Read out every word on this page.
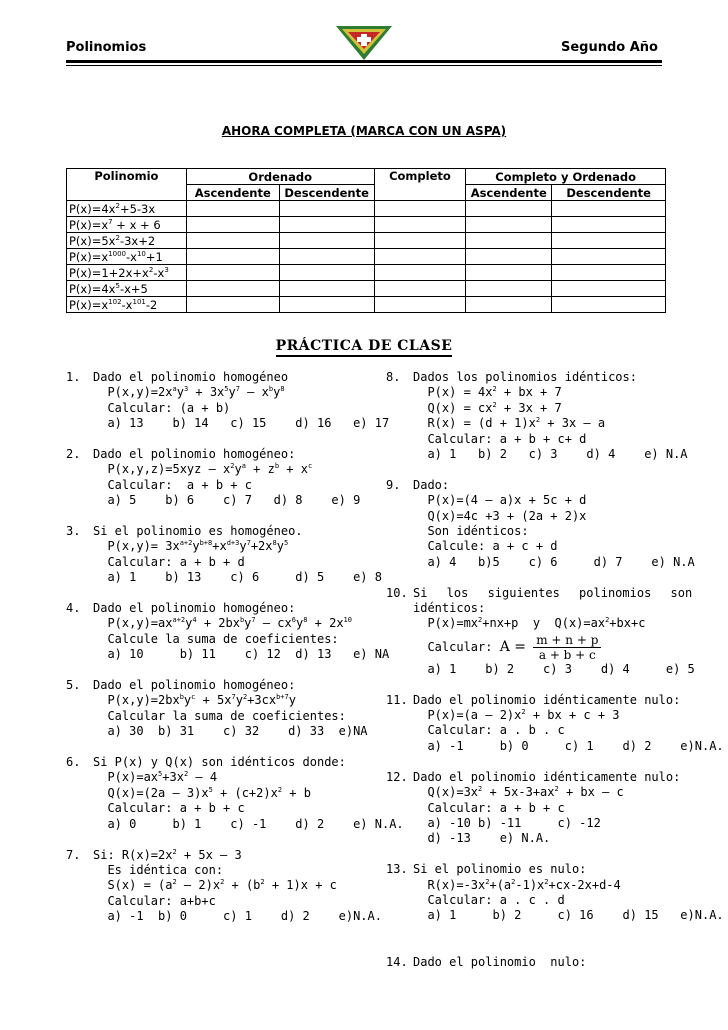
Polinomios	Segundo Año
AHORA COMPLETA (MARCA CON UN ASPA)
Polinomio	Ordenado		Completo	Completo y Ordenado	
	Ascendente	Descendente		Ascendente	Descendente
$P(x)=4x^2+5-3x$					
$P(x)=x^7 + x + 6$					
$P(x)=5x^2-3x+2$					
$P(x)=x^{1000}-x^{10}+1$					
$P(x)=1+2x+x^2-x^3$					
$P(x)=4x^5-x+5$					
$P(x)=x^{102}-x^{101}-2$					
PRÁCTICA DE CLASE
1. Dado el polinomio homogéneo
$P(x,y)=2x^ay^3 + 3x^5y^7 - x^by^8$
Calcular: (a + b)
a) 13    b) 14   c) 15    d) 16   e) 17
2. Dado el polinomio homogéneo:
$P(x,y,z)=5xyz - x^2y^a + z^b + x^c$
Calcular:  a + b + c
a) 5    b) 6    c) 7   d) 8    e) 9
3. Si el polinomio es homogéneo.
$P(x,y)= 3x^{a+2}y^{b+8}+x^{d+3}y^7+2x^8y^5$
Calcular: a + b + d
a) 1    b) 13    c) 6     d) 5    e) 8
4. Dado el polinomio homogéneo:
$P(x,y)=ax^{a+2}y^4 + 2bx^by^7 - cx^6y^8 + 2x^{10}$
Calcule la suma de coeficientes:
a) 10     b) 11    c) 12  d) 13   e) NA
5. Dado el polinomio homogéneo:
$P(x,y)=2bx^by^c + 5x^7y^2+3cx^{b+7}y$
Calcular la suma de coeficientes:
a) 30  b) 31    c) 32    d) 33  e)NA
6. Si P(x) y Q(x) son idénticos donde:
$P(x)=ax^5+3x^2 - 4$
$Q(x)=(2a - 3)x^5 + (c+2)x^2 + b$
Calcular: a + b + c
a) 0     b) 1    c) -1    d) 2    e) N.A.
7. Si: $R(x)=2x^2 + 5x - 3$
Es idéntica con:
$S(x) = (a^2 - 2)x^2 + (b^2 + 1)x + c$
Calcular: a+b+c
a) -1  b) 0     c) 1    d) 2    e)N.A.
8. Dados los polinomios idénticos:
$P(x) = 4x^2$ + bx + 7
$Q(x) = cx^2 + 3x + 7$
$R(x) = (d + 1)x^2 + 3x - a$
Calcular: a + b + c+ d
a) 1   b) 2   c) 3    d) 4    e) N.A
9. Dado:
P(x)=(4 – a)x + 5c + d
Q(x)=4c +3 + (2a + 2)x
Son idénticos:
Calcule: a + c + d
a) 4   b)5    c) 6     d) 7    e) N.A
10. Si los siguientes polinomios son
idénticos:
$P(x)=mx^2+nx+p$  y  $Q(x)=ax^2+bx+c$
Calcular: $A = \frac{m + n + p}{a + b + c}$
a) 1    b) 2    c) 3    d) 4     e) 5
11. Dado el polinomio idénticamente nulo:
$P(x)=(a - 2)x^2$ + bx + c + 3
Calcular: a . b . c
a) -1     b) 0     c) 1    d) 2    e)N.A.
12. Dado el polinomio idénticamente nulo:
$Q(x)=3x^2 + 5x-3+ax^2$ + bx – c
Calcular: a + b + c
a) -10 b) -11     c) -12
d) -13    e) N.A.
13. Si el polinomio es nulo:
$R(x)=-3x^2+(a^2-1)x^2+cx-2x+d-4$
Calcular: a . c . d
a) 1     b) 2     c) 16    d) 15   e)N.A.
14. Dado el polinomio  nulo:
